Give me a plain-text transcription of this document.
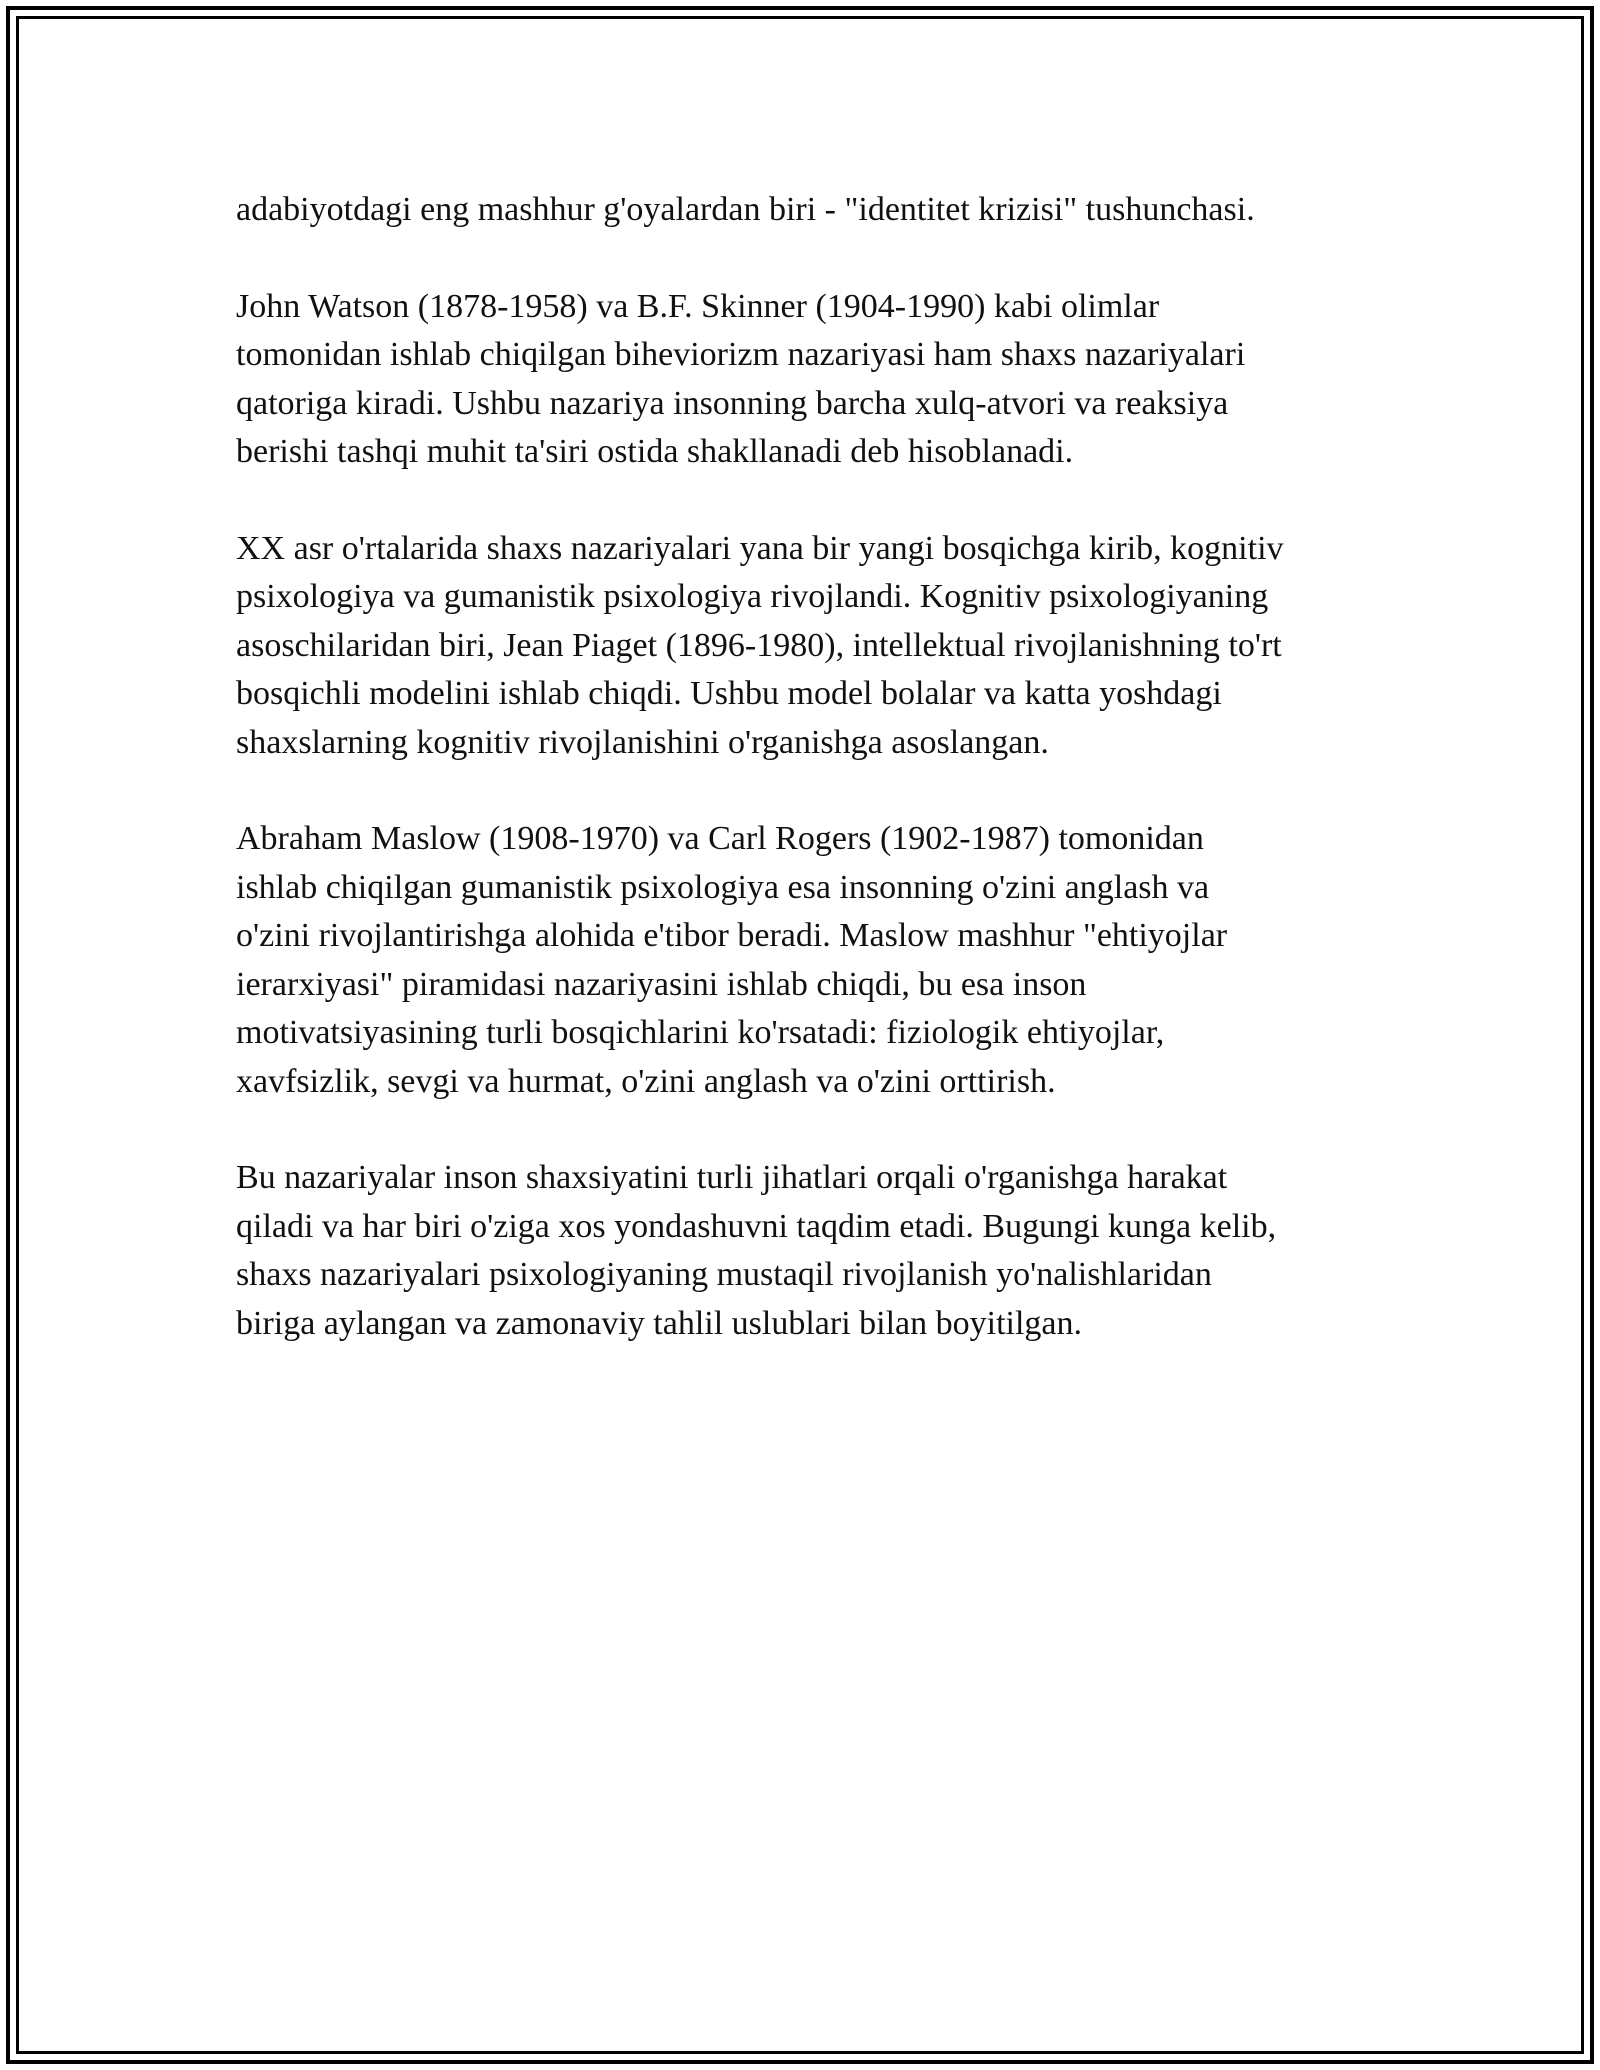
adabiyotdagi eng mashhur g'oyalardan biri - "identitet krizisi" tushunchasi.

John Watson (1878-1958) va B.F. Skinner (1904-1990) kabi olimlar
tomonidan ishlab chiqilgan biheviorizm nazariyasi ham shaxs nazariyalari
qatoriga kiradi. Ushbu nazariya insonning barcha xulq-atvori va reaksiya
berishi tashqi muhit ta'siri ostida shakllanadi deb hisoblanadi.

XX asr o'rtalarida shaxs nazariyalari yana bir yangi bosqichga kirib, kognitiv
psixologiya va gumanistik psixologiya rivojlandi. Kognitiv psixologiyaning
asoschilaridan biri, Jean Piaget (1896-1980), intellektual rivojlanishning to'rt
bosqichli modelini ishlab chiqdi. Ushbu model bolalar va katta yoshdagi
shaxslarning kognitiv rivojlanishini o'rganishga asoslangan.

Abraham Maslow (1908-1970) va Carl Rogers (1902-1987) tomonidan
ishlab chiqilgan gumanistik psixologiya esa insonning o'zini anglash va
o'zini rivojlantirishga alohida e'tibor beradi. Maslow mashhur "ehtiyojlar
ierarxiyasi" piramidasi nazariyasini ishlab chiqdi, bu esa inson
motivatsiyasining turli bosqichlarini ko'rsatadi: fiziologik ehtiyojlar,
xavfsizlik, sevgi va hurmat, o'zini anglash va o'zini orttirish.

Bu nazariyalar inson shaxsiyatini turli jihatlari orqali o'rganishga harakat
qiladi va har biri o'ziga xos yondashuvni taqdim etadi. Bugungi kunga kelib,
shaxs nazariyalari psixologiyaning mustaqil rivojlanish yo'nalishlaridan
biriga aylangan va zamonaviy tahlil uslublari bilan boyitilgan.
